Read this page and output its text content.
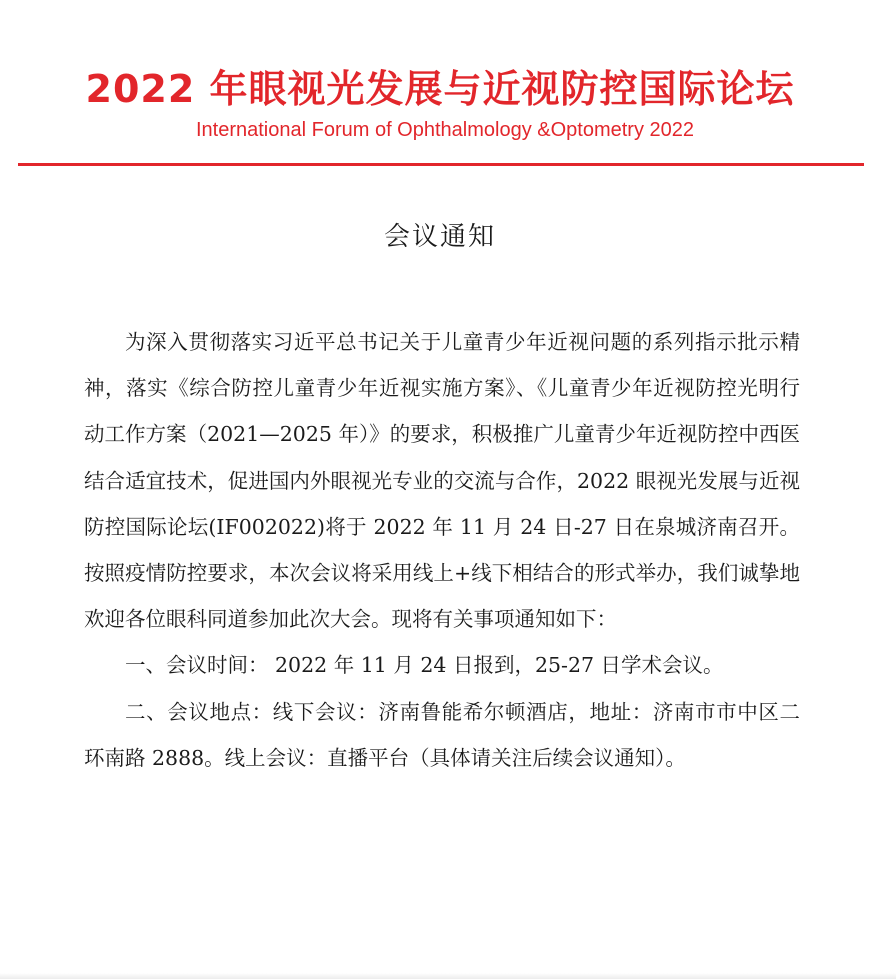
2022 年眼视光发展与近视防控国际论坛
International Forum of Ophthalmology &Optometry 2022
会议通知

为深入贯彻落实习近平总书记关于儿童青少年近视问题的系列指示批示精神，落实《综合防控儿童青少年近视实施方案》、《儿童青少年近视防控光明行动工作方案（2021—2025 年）》的要求，积极推广儿童青少年近视防控中西医结合适宜技术，促进国内外眼视光专业的交流与合作，2022 眼视光发展与近视防控国际论坛(IF002022)将于 2022 年 11 月 24 日-27 日在泉城济南召开。按照疫情防控要求，本次会议将采用线上+线下相结合的形式举办，我们诚挚地欢迎各位眼科同道参加此次大会。现将有关事项通知如下：

一、会议时间： 2022 年 11 月 24 日报到，25-27 日学术会议。

二、会议地点：线下会议：济南鲁能希尔顿酒店，地址：济南市市中区二环南路 2888。线上会议：直播平台（具体请关注后续会议通知）。
